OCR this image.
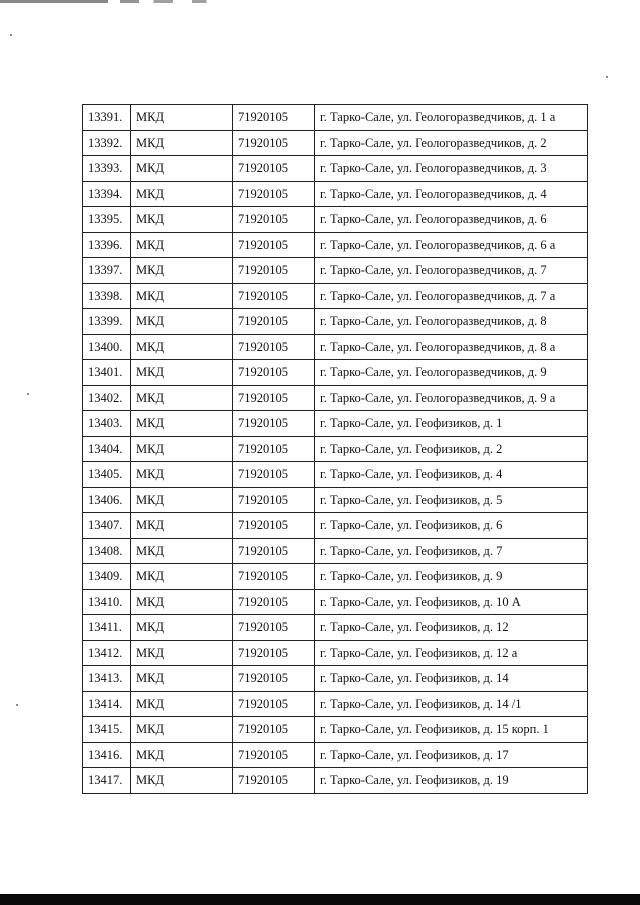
13391.	МКД	71920105	г. Тарко-Сале, ул. Геологоразведчиков, д. 1 а
13392.	МКД	71920105	г. Тарко-Сале, ул. Геологоразведчиков, д. 2
13393.	МКД	71920105	г. Тарко-Сале, ул. Геологоразведчиков, д. 3
13394.	МКД	71920105	г. Тарко-Сале, ул. Геологоразведчиков, д. 4
13395.	МКД	71920105	г. Тарко-Сале, ул. Геологоразведчиков, д. 6
13396.	МКД	71920105	г. Тарко-Сале, ул. Геологоразведчиков, д. 6 а
13397.	МКД	71920105	г. Тарко-Сале, ул. Геологоразведчиков, д. 7
13398.	МКД	71920105	г. Тарко-Сале, ул. Геологоразведчиков, д. 7 а
13399.	МКД	71920105	г. Тарко-Сале, ул. Геологоразведчиков, д. 8
13400.	МКД	71920105	г. Тарко-Сале, ул. Геологоразведчиков, д. 8 а
13401.	МКД	71920105	г. Тарко-Сале, ул. Геологоразведчиков, д. 9
13402.	МКД	71920105	г. Тарко-Сале, ул. Геологоразведчиков, д. 9 а
13403.	МКД	71920105	г. Тарко-Сале, ул. Геофизиков, д. 1
13404.	МКД	71920105	г. Тарко-Сале, ул. Геофизиков, д. 2
13405.	МКД	71920105	г. Тарко-Сале, ул. Геофизиков, д. 4
13406.	МКД	71920105	г. Тарко-Сале, ул. Геофизиков, д. 5
13407.	МКД	71920105	г. Тарко-Сале, ул. Геофизиков, д. 6
13408.	МКД	71920105	г. Тарко-Сале, ул. Геофизиков, д. 7
13409.	МКД	71920105	г. Тарко-Сале, ул. Геофизиков, д. 9
13410.	МКД	71920105	г. Тарко-Сале, ул. Геофизиков, д. 10 А
13411.	МКД	71920105	г. Тарко-Сале, ул. Геофизиков, д. 12
13412.	МКД	71920105	г. Тарко-Сале, ул. Геофизиков, д. 12 а
13413.	МКД	71920105	г. Тарко-Сале, ул. Геофизиков, д. 14
13414.	МКД	71920105	г. Тарко-Сале, ул. Геофизиков, д. 14 /1
13415.	МКД	71920105	г. Тарко-Сале, ул. Геофизиков, д. 15 корп. 1
13416.	МКД	71920105	г. Тарко-Сале, ул. Геофизиков, д. 17
13417.	МКД	71920105	г. Тарко-Сале, ул. Геофизиков, д. 19
